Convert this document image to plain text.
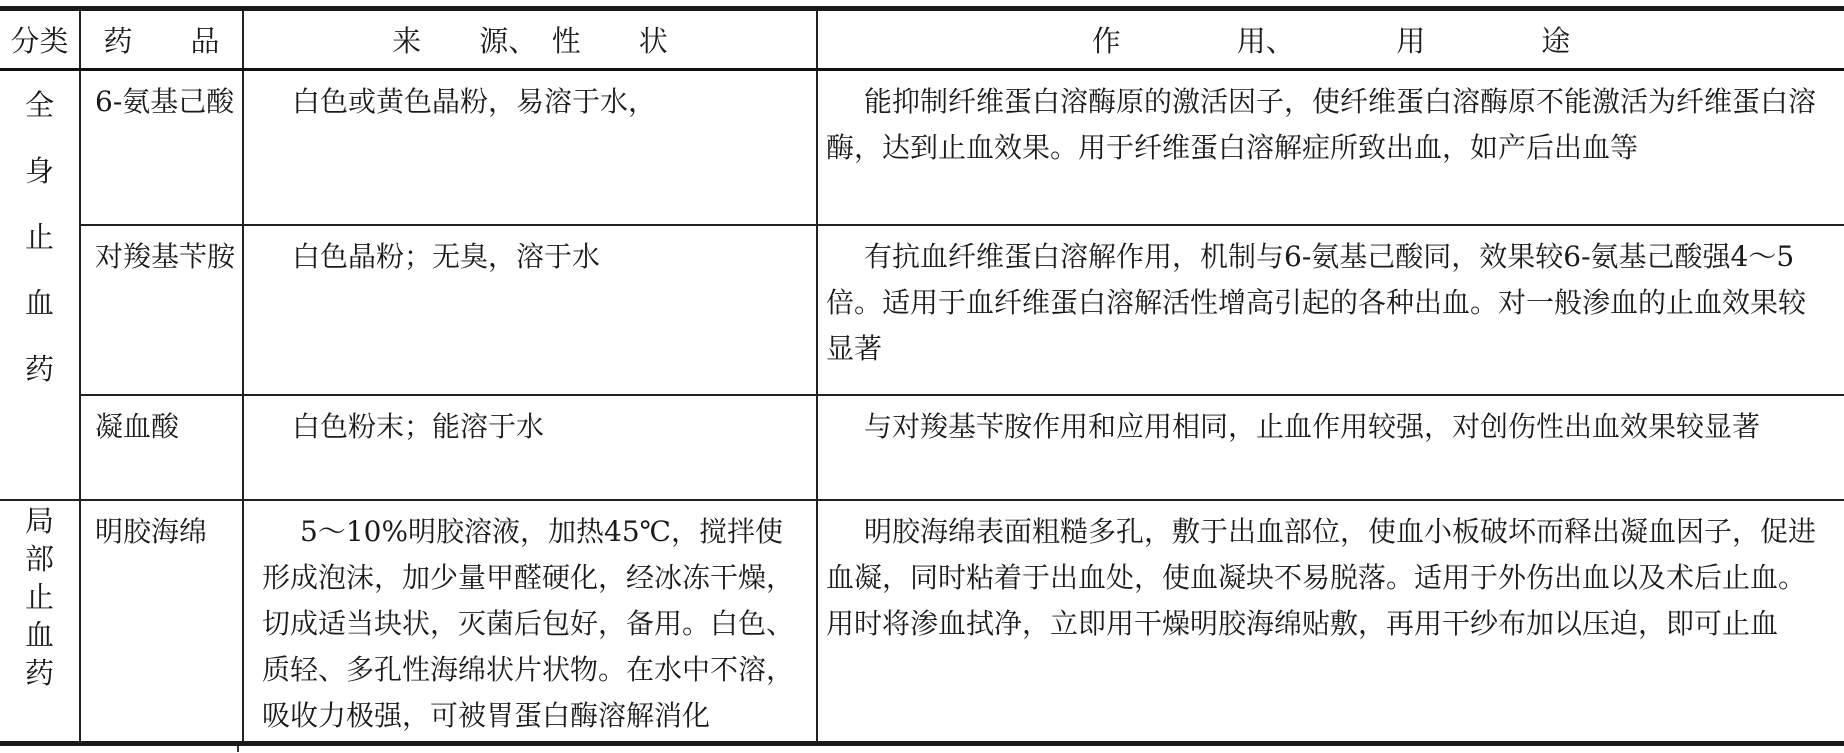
分类	药　　品	来　　源、　性　　状	作　　　　用、　　　　用　　　　途
全身止血药	6-氨基己酸	白色或黄色晶粉，易溶于水，	能抑制纤维蛋白溶酶原的激活因子，使纤维蛋白溶酶原不能激活为纤维蛋白溶酶，达到止血效果。用于纤维蛋白溶解症所致出血，如产后出血等
	对羧基苄胺	白色晶粉；无臭，溶于水	有抗血纤维蛋白溶解作用，机制与6-氨基己酸同，效果较6-氨基己酸强4～5倍。适用于血纤维蛋白溶解活性增高引起的各种出血。对一般渗血的止血效果较显著
	凝血酸	白色粉末；能溶于水	与对羧基苄胺作用和应用相同，止血作用较强，对创伤性出血效果较显著
局部止血药	明胶海绵	5～10%明胶溶液，加热45℃，搅拌使形成泡沫，加少量甲醛硬化，经冰冻干燥，切成适当块状，灭菌后包好，备用。白色、质轻、多孔性海绵状片状物。在水中不溶，吸收力极强，可被胃蛋白酶溶解消化	明胶海绵表面粗糙多孔，敷于出血部位，使血小板破坏而释出凝血因子，促进血凝，同时粘着于出血处，使血凝块不易脱落。适用于外伤出血以及术后止血。用时将渗血拭净，立即用干燥明胶海绵贴敷，再用干纱布加以压迫，即可止血
